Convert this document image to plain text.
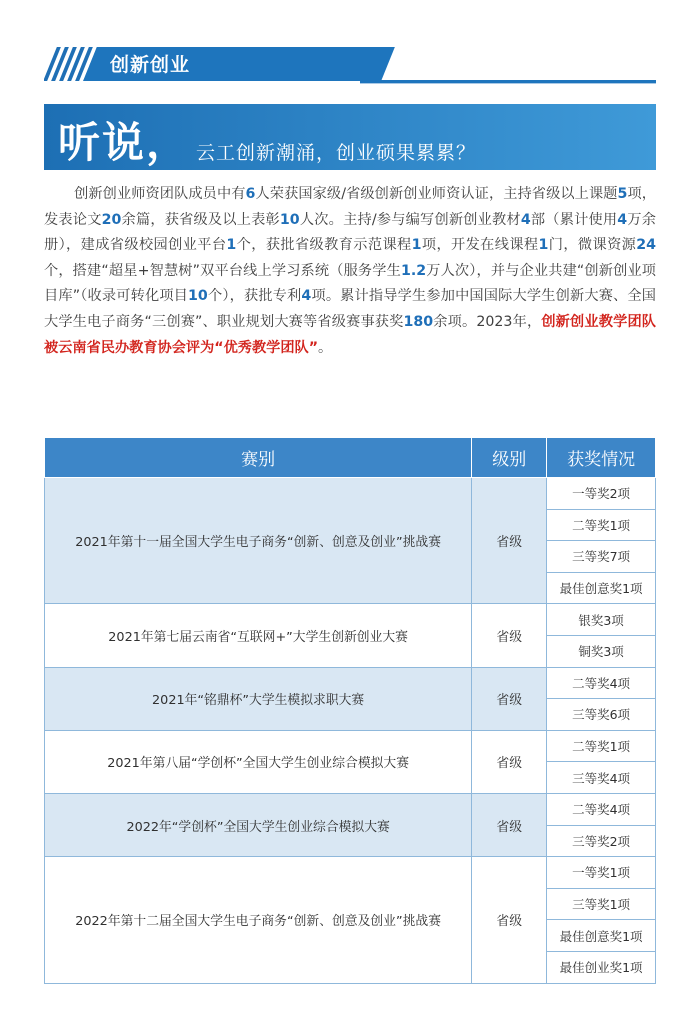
创新创业
听说， 云工创新潮涌，创业硕果累累？
创新创业师资团队成员中有6人荣获国家级/省级创新创业师资认证，主持省级以上课题5项，发表论文20余篇，获省级及以上表彰10人次。主持/参与编写创新创业教材4部（累计使用4万余册），建成省级校园创业平台1个，获批省级教育示范课程1项，开发在线课程1门，微课资源24个，搭建“超星+智慧树”双平台线上学习系统（服务学生1.2万人次），并与企业共建“创新创业项目库”（收录可转化项目10个），获批专利4项。累计指导学生参加中国国际大学生创新大赛、全国大学生电子商务“三创赛”、职业规划大赛等省级赛事获奖180余项。2023年，创新创业教学团队被云南省民办教育协会评为“优秀教学团队”。
赛别	级别	获奖情况
2021年第十一届全国大学生电子商务“创新、创意及创业”挑战赛	省级	一等奖2项
		二等奖1项
		三等奖7项
		最佳创意奖1项
2021年第七届云南省“互联网+”大学生创新创业大赛	省级	银奖3项
		铜奖3项
2021年“铭鼎杯”大学生模拟求职大赛	省级	二等奖4项
		三等奖6项
2021年第八届“学创杯”全国大学生创业综合模拟大赛	省级	二等奖1项
		三等奖4项
2022年“学创杯”全国大学生创业综合模拟大赛	省级	二等奖4项
		三等奖2项
2022年第十二届全国大学生电子商务“创新、创意及创业”挑战赛	省级	一等奖1项
		三等奖1项
		最佳创意奖1项
		最佳创业奖1项
